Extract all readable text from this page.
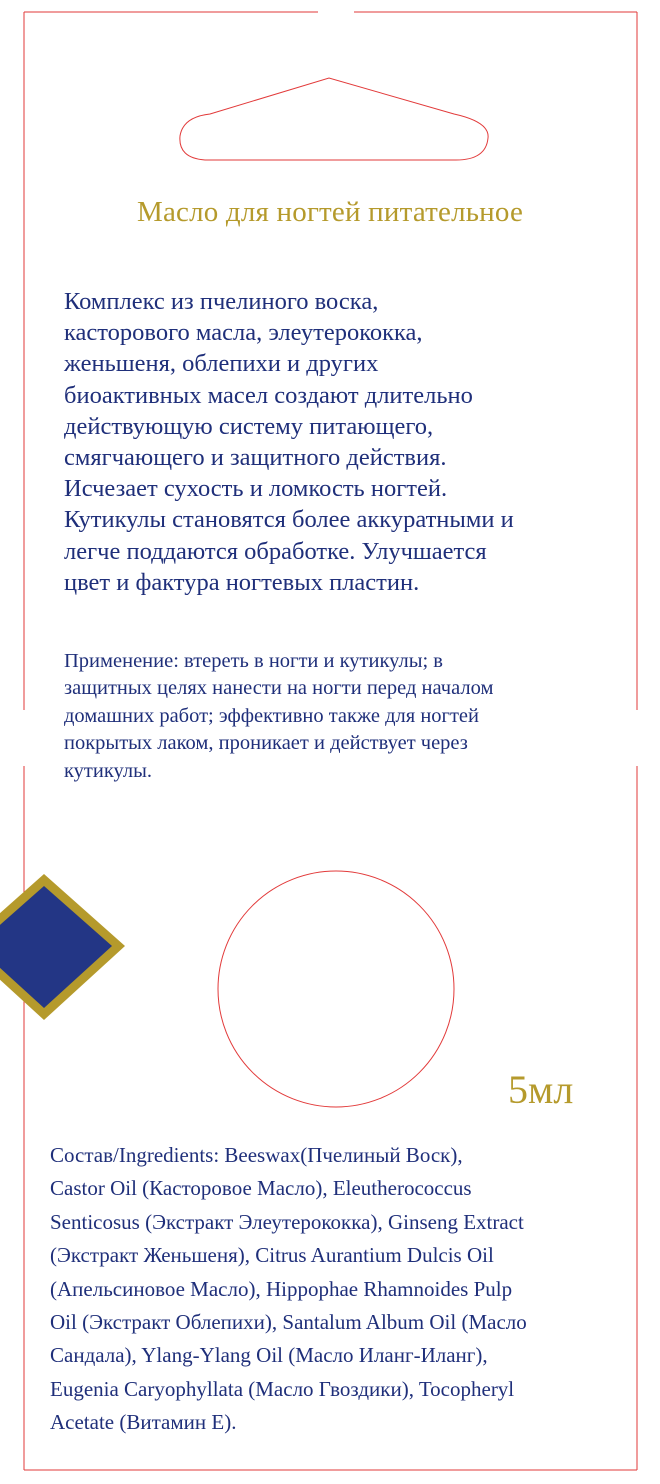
Масло для ногтей питательное
Комплекс из пчелиного воска,
касторового масла, элеутерококка,
женьшеня, облепихи и других
биоактивных масел создают длительно
действующую систему питающего,
смягчающего и защитного действия.
Исчезает сухость и ломкость ногтей.
Кутикулы становятся более аккуратными и
легче поддаются обработке. Улучшается
цвет и фактура ногтевых пластин.
Применение: втереть в ногти и кутикулы; в
защитных целях нанести на ногти перед началом
домашних работ; эффективно также для ногтей
покрытых лаком, проникает и действует через
кутикулы.
5мл
Состав/Ingredients: Beeswax(Пчелиный Воск),
Castor Oil (Касторовое Масло), Eleutherococcus
Senticosus (Экстракт Элеутерококка), Ginseng Extract
(Экстракт Женьшеня), Citrus Aurantium Dulcis Oil
(Апельсиновое Масло), Hippophae Rhamnoides Pulp
Oil (Экстракт Облепихи), Santalum Album Oil (Масло
Сандала), Ylang-Ylang Oil (Масло Иланг-Иланг),
Eugenia Caryophyllata (Масло Гвоздики), Tocopheryl
Acetate (Витамин Е).
